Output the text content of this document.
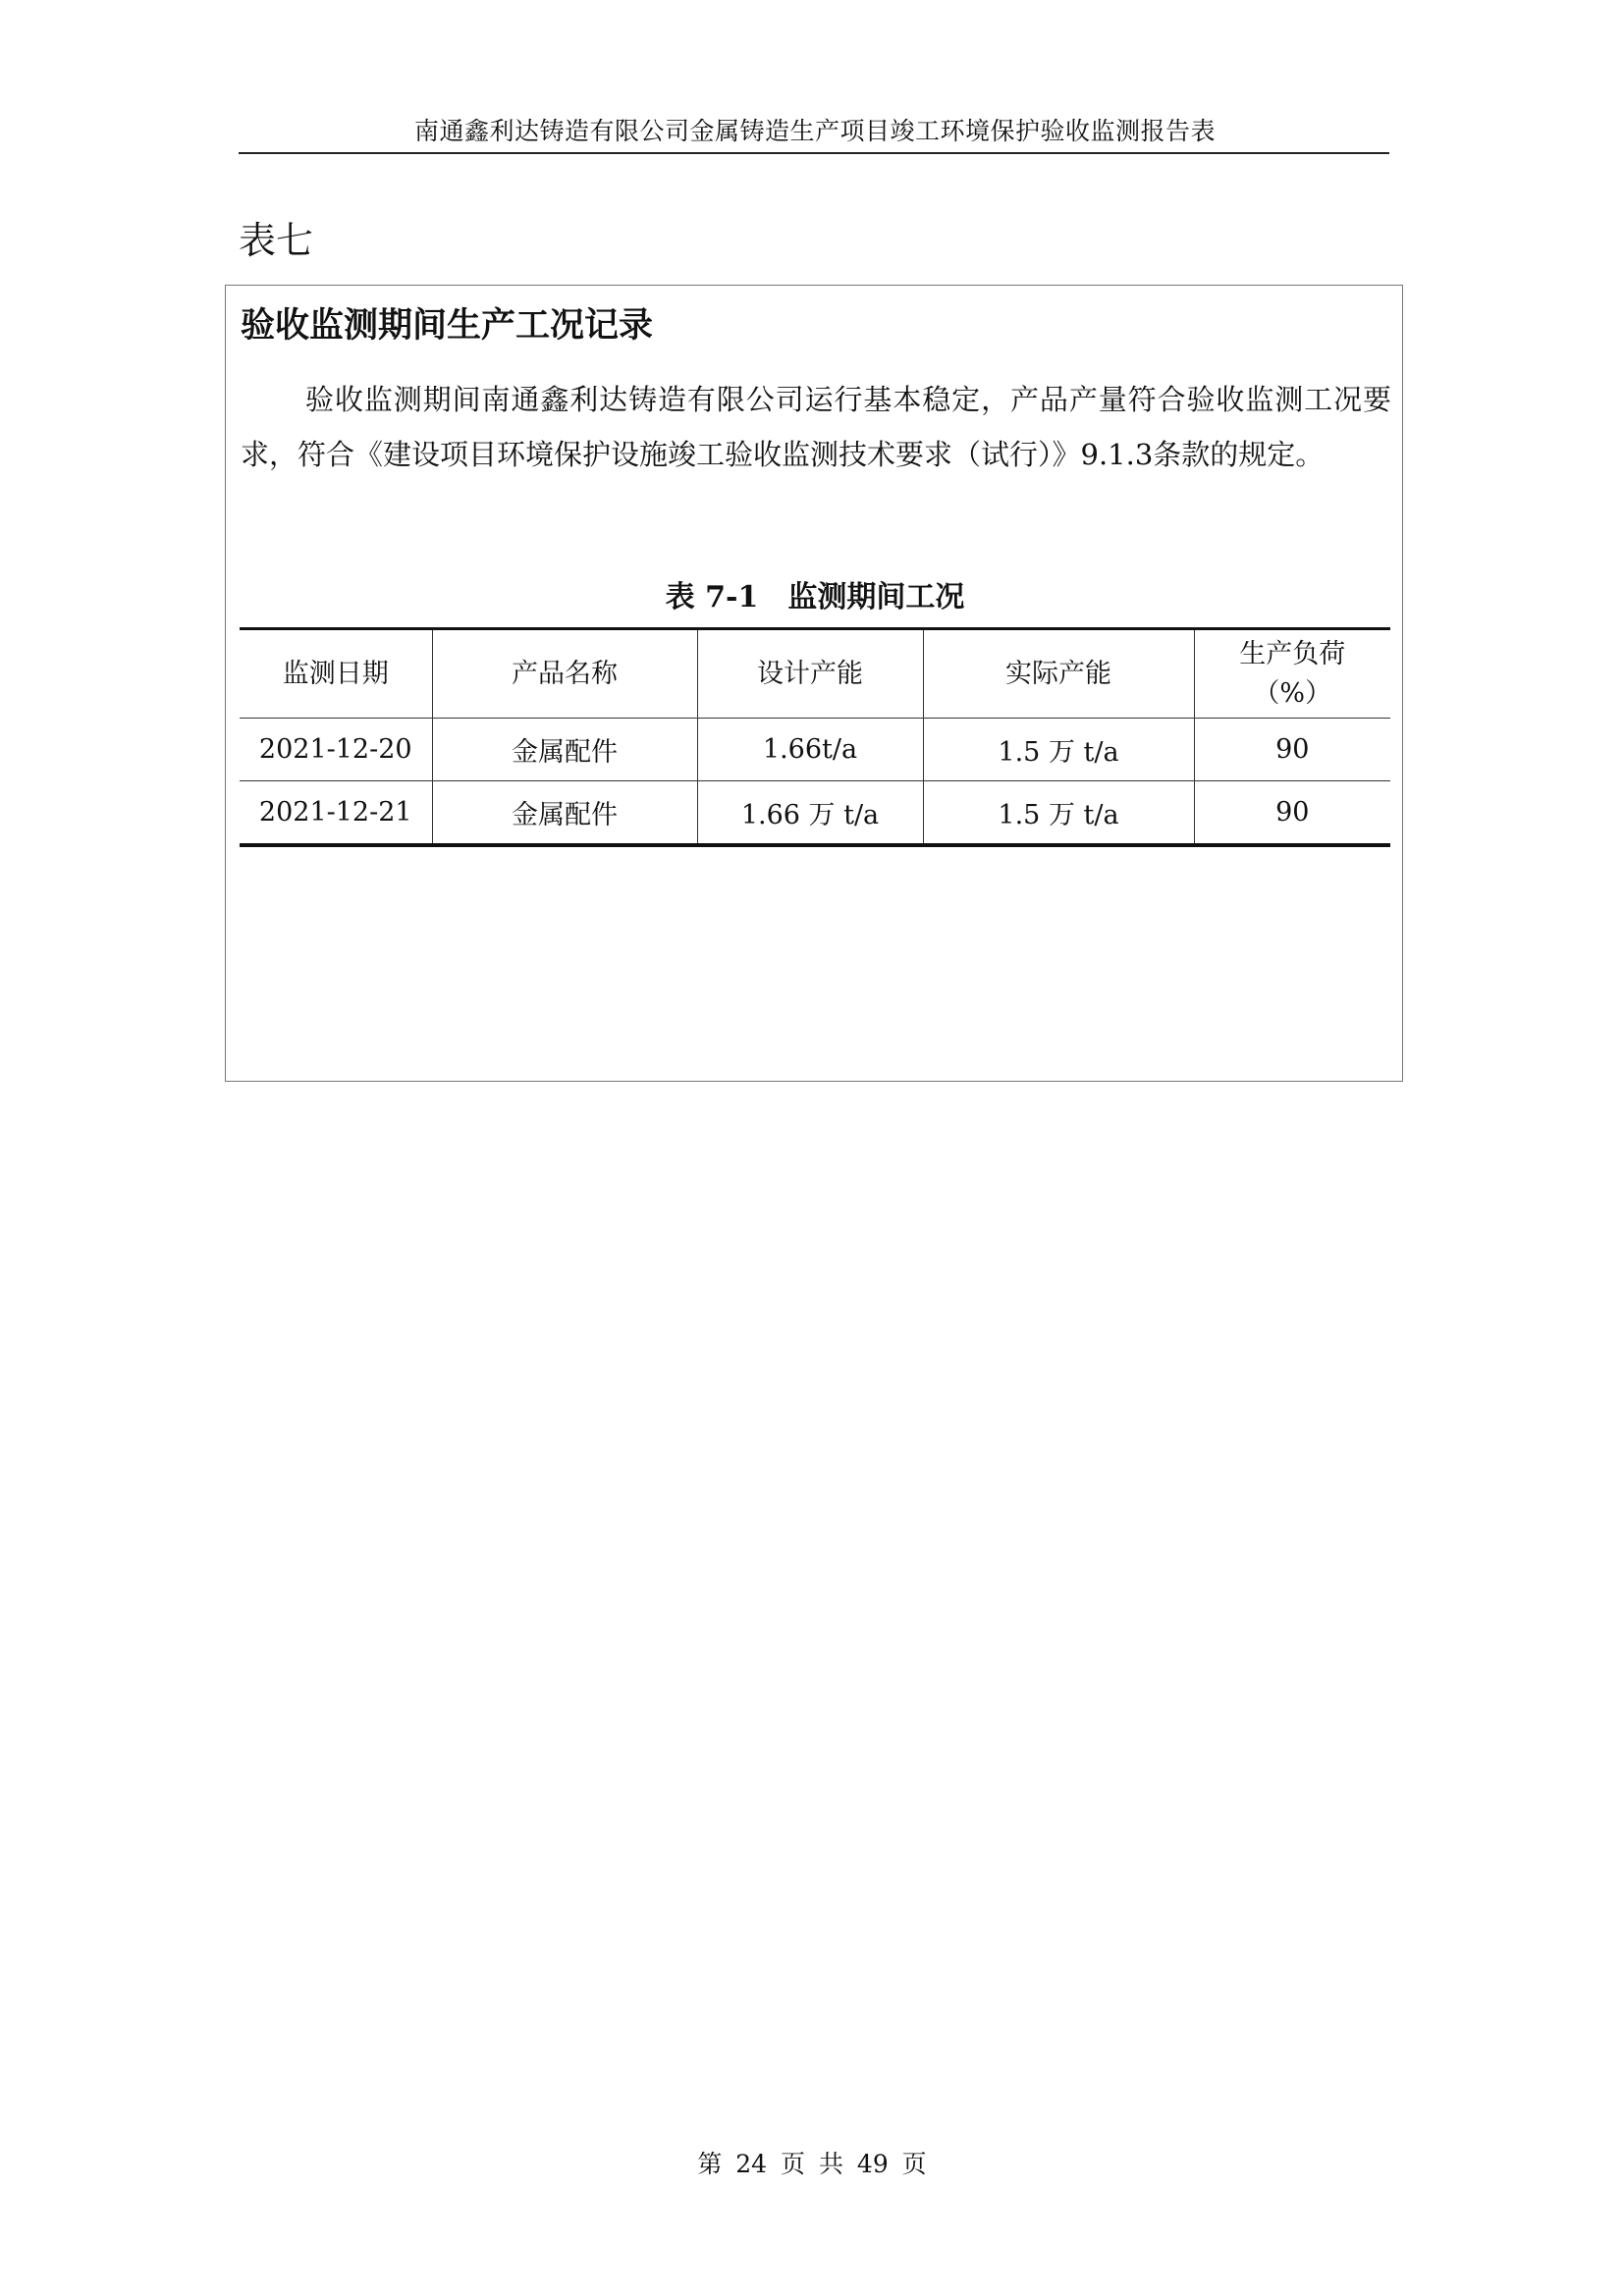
南通鑫利达铸造有限公司金属铸造生产项目竣工环境保护验收监测报告表
表七
验收监测期间生产工况记录

验收监测期间南通鑫利达铸造有限公司运行基本稳定，产品产量符合验收监测工况要求，符合《建设项目环境保护设施竣工验收监测技术要求（试行）》9.1.3条款的规定。

表 7-1　监测期间工况
监测日期	产品名称	设计产能	实际产能	生产负荷
（%）

2021-12-20	金属配件	1.66t/a	1.5 万 t/a	90
2021-12-21	金属配件	1.66 万 t/a	1.5 万 t/a	90
第 24 页 共 49 页
